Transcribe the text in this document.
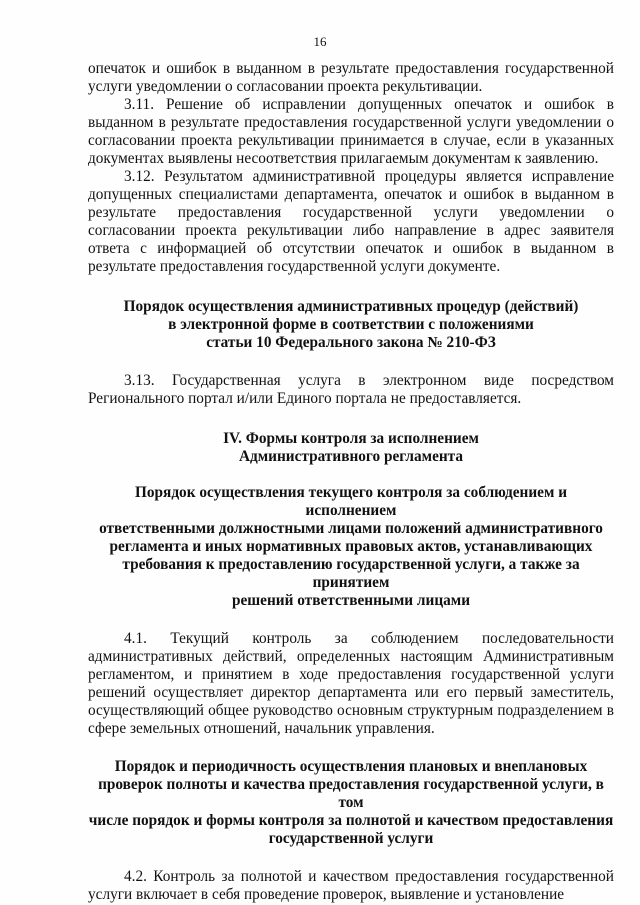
16

опечаток и ошибок в выданном в результате предоставления государственной услуги уведомлении о согласовании проекта рекультивации.

3.11. Решение об исправлении допущенных опечаток и ошибок в выданном в результате предоставления государственной услуги уведомлении о согласовании проекта рекультивации принимается в случае, если в указанных документах выявлены несоответствия прилагаемым документам к заявлению.

3.12. Результатом административной процедуры является исправление допущенных специалистами департамента, опечаток и ошибок в выданном в результате предоставления государственной услуги уведомлении о согласовании проекта рекультивации либо направление в адрес заявителя ответа с информацией об отсутствии опечаток и ошибок в выданном в результате предоставления государственной услуги документе.

Порядок осуществления административных процедур (действий)
в электронной форме в соответствии с положениями
статьи 10 Федерального закона № 210-ФЗ
3.13. Государственная услуга в электронном виде посредством
Регионального портал и/или Единого портала не предоставляется.
IV. Формы контроля за исполнением
Административного регламента
Порядок осуществления текущего контроля за соблюдением и исполнением
ответственными должностными лицами положений административного
регламента и иных нормативных правовых актов, устанавливающих
требования к предоставлению государственной услуги, а также за принятием
решений ответственными лицами

4.1. Текущий контроль за соблюдением последовательности административных действий, определенных настоящим Административным регламентом, и принятием в ходе предоставления государственной услуги решений осуществляет директор департамента или его первый заместитель, осуществляющий общее руководство основным структурным подразделением в сфере земельных отношений, начальник управления.

Порядок и периодичность осуществления плановых и внеплановых
проверок полноты и качества предоставления государственной услуги, в том
числе порядок и формы контроля за полнотой и качеством предоставления
государственной услуги

4.2. Контроль за полнотой и качеством предоставления государственной услуги включает в себя проведение проверок, выявление и установление
